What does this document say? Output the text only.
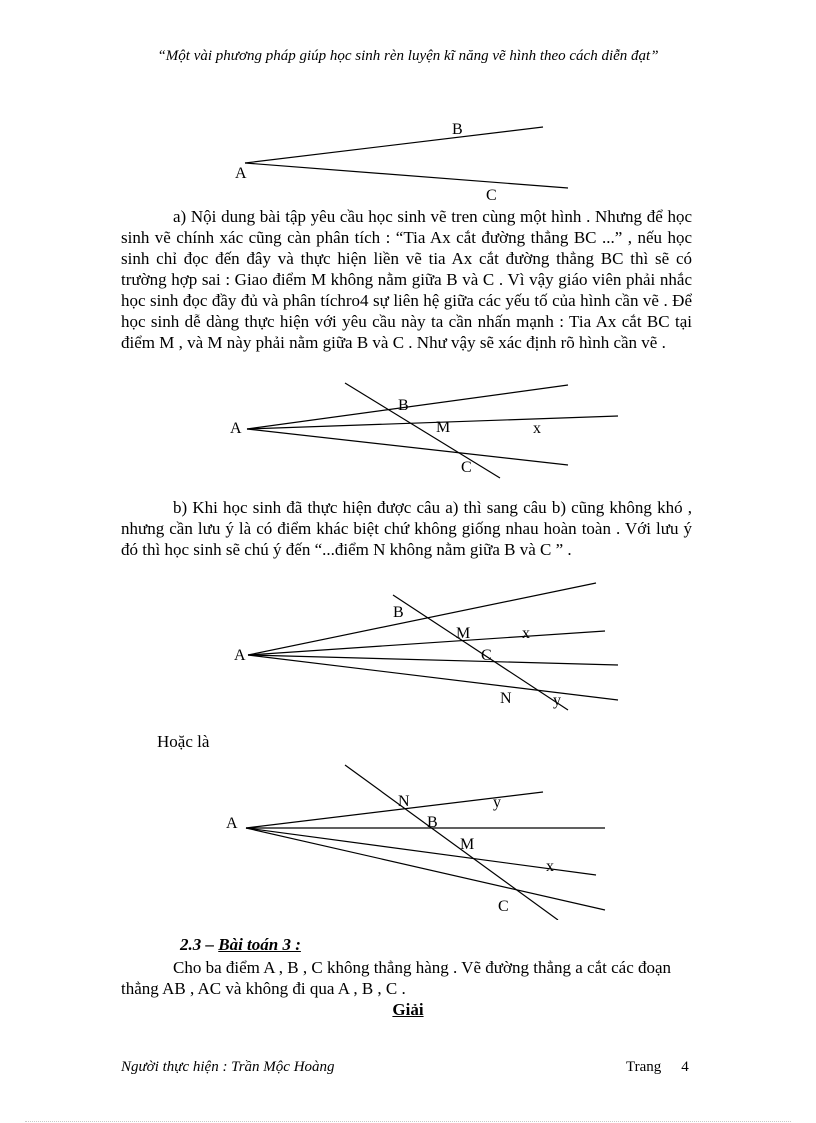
“Một vài phương pháp giúp học sinh rèn luyện kĩ năng vẽ hình theo cách diễn đạt”
A
B
C
a) Nội dung bài tập yêu cầu học sinh vẽ tren cùng một hình . Nhưng để học sinh vẽ chính xác cũng càn phân tích : “Tia Ax cắt đường thẳng BC ...” , nếu học sinh chỉ đọc đến đây và thực hiện liền vẽ tia Ax cắt đường thẳng BC thì sẽ có trường hợp sai : Giao điểm M không nằm giữa B và C . Vì vậy giáo viên phải nhắc học sinh đọc đầy đủ và phân tíchro4 sự liên hệ giữa các yếu tố của hình cần vẽ . Để học sinh dễ dàng thực hiện với yêu cầu này ta cần nhấn mạnh : Tia Ax cắt BC tại điểm M , và M này phải nằm giữa B và C . Như vậy sẽ xác định rõ hình cần vẽ .
A
B
M	x
C
b) Khi học sinh đã thực hiện được câu a) thì sang câu b) cũng không khó , nhưng cần lưu ý là có điểm khác biệt chứ không giống nhau hoàn toàn . Với lưu ý đó thì học sinh sẽ chú ý đến “...điểm N không nằm giữa B và C ” .
A
B
M	x
C
N	y
Hoặc là
A
N	y
B
M
x
C
2.3 – Bài toán 3 :
Cho ba điểm A , B , C không thẳng hàng . Vẽ đường thẳng a cắt các đoạn thẳng AB , AC và không đi qua A , B , C .
Giải
Người thực hiện : Trần Mộc Hoàng	Trang 4
